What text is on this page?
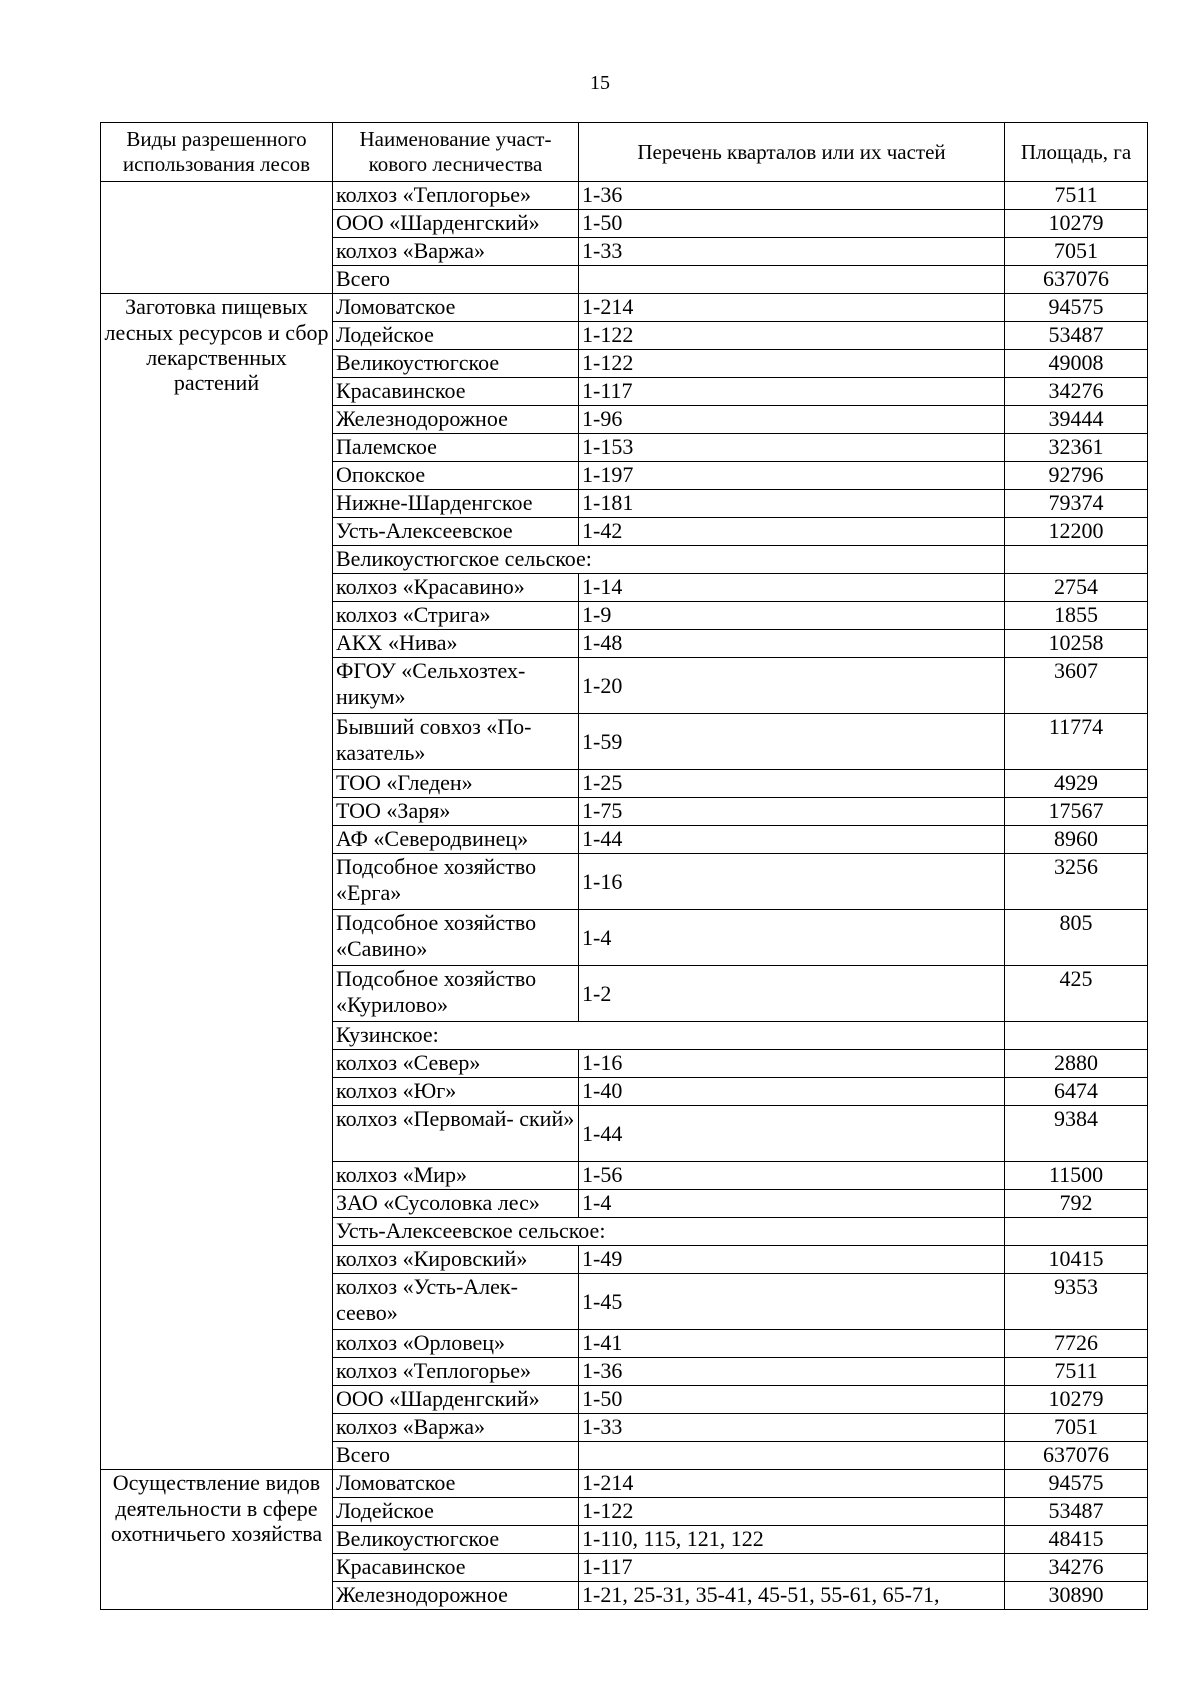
15
Виды разрешенного использования лесов	Наименование участ- кового лесничества	Перечень кварталов или их частей	Площадь, га
	колхоз «Теплогорье»	1-36	7511
	ООО «Шарденгский»	1-50	10279
	колхоз «Варжа»	1-33	7051
	Всего		637076
Заготовка пищевых лесных ресурсов и сбор лекарственных растений	Ломоватское	1-214	94575
	Лодейское	1-122	53487
	Великоустюгское	1-122	49008
	Красавинское	1-117	34276
	Железнодорожное	1-96	39444
	Палемское	1-153	32361
	Опокское	1-197	92796
	Нижне-Шарденгское	1-181	79374
	Усть-Алексеевское	1-42	12200
	Великоустюгское сельское:		
	колхоз «Красавино»	1-14	2754
	колхоз «Стрига»	1-9	1855
	АКХ «Нива»	1-48	10258
	ФГОУ «Сельхозтех- никум»	1-20	3607
	Бывший совхоз «По- казатель»	1-59	11774
	ТОО «Гледен»	1-25	4929
	ТОО «Заря»	1-75	17567
	АФ «Северодвинец»	1-44	8960
	Подсобное хозяйство «Ерга»	1-16	3256
	Подсобное хозяйство «Савино»	1-4	805
	Подсобное хозяйство «Курилово»	1-2	425
	Кузинское:		
	колхоз «Север»	1-16	2880
	колхоз «Юг»	1-40	6474
	колхоз «Первомай- ский»	1-44	9384
	колхоз «Мир»	1-56	11500
	ЗАО «Сусоловка лес»	1-4	792
	Усть-Алексеевское сельское:		
	колхоз «Кировский»	1-49	10415
	колхоз «Усть-Алек- сеево»	1-45	9353
	колхоз «Орловец»	1-41	7726
	колхоз «Теплогорье»	1-36	7511
	ООО «Шарденгский»	1-50	10279
	колхоз «Варжа»	1-33	7051
	Всего		637076
Осуществление видов деятельности в сфере охотничьего хозяйства	Ломоватское	1-214	94575
	Лодейское	1-122	53487
	Великоустюгское	1-110, 115, 121, 122	48415
	Красавинское	1-117	34276
	Железнодорожное	1-21, 25-31, 35-41, 45-51, 55-61, 65-71,	30890
